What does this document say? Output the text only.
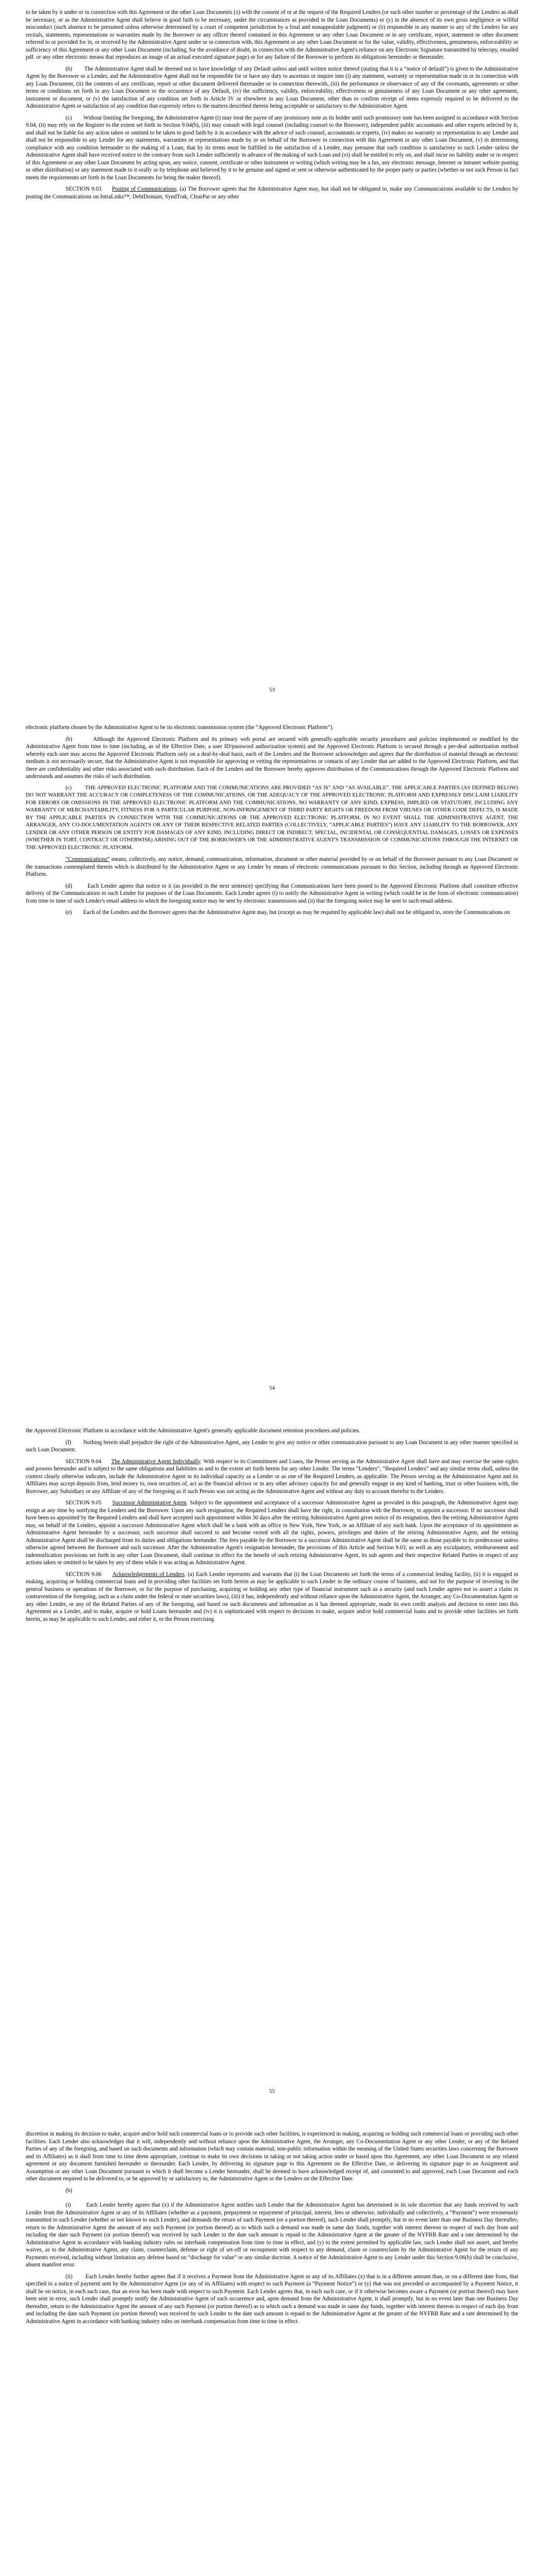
to be taken by it under or in connection with this Agreement or the other Loan Documents (x) with the consent of or at the request of the Required Lenders (or such other number or percentage of the Lenders as shall be necessary, or as the Administrative Agent shall believe in good faith to be necessary, under the circumstances as provided in the Loan Documents) or (y) in the absence of its own gross negligence or willful misconduct (such absence to be presumed unless otherwise determined by a court of competent jurisdiction by a final and nonappealable judgment) or (ii) responsible in any manner to any of the Lenders for any recitals, statements, representations or warranties made by the Borrower or any officer thereof contained in this Agreement or any other Loan Document or in any certificate, report, statement or other document referred to or provided for in, or received by the Administrative Agent under or in connection with, this Agreement or any other Loan Document or for the value, validity, effectiveness, genuineness, enforceability or sufficiency of this Agreement or any other Loan Document (including, for the avoidance of doubt, in connection with the Administrative Agent's reliance on any Electronic Signature transmitted by telecopy, emailed pdf. or any other electronic means that reproduces an image of an actual executed signature page) or for any failure of the Borrower to perform its obligations hereunder or thereunder.

(b)        The Administrative Agent shall be deemed not to have knowledge of any Default unless and until written notice thereof (stating that it is a “notice of default”) is given to the Administrative Agent by the Borrower or a Lender, and the Administrative Agent shall not be responsible for or have any duty to ascertain or inquire into (i) any statement, warranty or representation made in or in connection with any Loan Document, (ii) the contents of any certificate, report or other document delivered thereunder or in connection therewith, (iii) the performance or observance of any of the covenants, agreements or other terms or conditions set forth in any Loan Document or the occurrence of any Default, (iv) the sufficiency, validity, enforceability, effectiveness or genuineness of any Loan Document or any other agreement, instrument or document, or (v) the satisfaction of any condition set forth in Article IV or elsewhere in any Loan Document, other than to confirm receipt of items expressly required to be delivered to the Administrative Agent or satisfaction of any condition that expressly refers to the matters described therein being acceptable or satisfactory to the Administrative Agent.

(c)        Without limiting the foregoing, the Administrative Agent (i) may treat the payee of any promissory note as its holder until such promissory note has been assigned in accordance with Section 9.04, (ii) may rely on the Register to the extent set forth in Section 9.04(b), (iii) may consult with legal counsel (including counsel to the Borrower), independent public accountants and other experts selected by it, and shall not be liable for any action taken or omitted to be taken in good faith by it in accordance with the advice of such counsel, accountants or experts, (iv) makes no warranty or representation to any Lender and shall not be responsible to any Lender for any statements, warranties or representations made by or on behalf of the Borrower in connection with this Agreement or any other Loan Document, (v) in determining compliance with any condition hereunder to the making of a Loan, that by its terms must be fulfilled to the satisfaction of a Lender, may presume that such condition is satisfactory to such Lender unless the Administrative Agent shall have received notice to the contrary from such Lender sufficiently in advance of the making of such Loan and (vi) shall be entitled to rely on, and shall incur no liability under or in respect of this Agreement or any other Loan Document by acting upon, any notice, consent, certificate or other instrument or writing (which writing may be a fax, any electronic message, Internet or intranet website posting or other distribution) or any statement made to it orally or by telephone and believed by it to be genuine and signed or sent or otherwise authenticated by the proper party or parties (whether or not such Person in fact meets the requirements set forth in the Loan Documents for being the maker thereof).

SECTION 9.03 Posting of Communications. (a) The Borrower agrees that the Administrative Agent may, but shall not be obligated to, make any Communications available to the Lenders by posting the Communications on IntraLinks™, DebtDomain, SyndTrak, ClearPar or any other

53

electronic platform chosen by the Administrative Agent to be its electronic transmission system (the “Approved Electronic Platform”).

(b)        Although the Approved Electronic Platform and its primary web portal are secured with generally-applicable security procedures and policies implemented or modified by the Administrative Agent from time to time (including, as of the Effective Date, a user ID/password authorization system) and the Approved Electronic Platform is secured through a per-deal authorization method whereby each user may access the Approved Electronic Platform only on a deal-by-deal basis, each of the Lenders and the Borrower acknowledges and agrees that the distribution of material through an electronic medium is not necessarily secure, that the Administrative Agent is not responsible for approving or vetting the representatives or contacts of any Lender that are added to the Approved Electronic Platform, and that there are confidentiality and other risks associated with such distribution. Each of the Lenders and the Borrower hereby approves distribution of the Communications through the Approved Electronic Platform and understands and assumes the risks of such distribution.

(c)        THE APPROVED ELECTRONIC PLATFORM AND THE COMMUNICATIONS ARE PROVIDED “AS IS” AND “AS AVAILABLE”. THE APPLICABLE PARTIES (AS DEFINED BELOW) DO NOT WARRANT THE ACCURACY OR COMPLETENESS OF THE COMMUNICATIONS, OR THE ADEQUACY OF THE APPROVED ELECTRONIC PLATFORM AND EXPRESSLY DISCLAIM LIABILITY FOR ERRORS OR OMISSIONS IN THE APPROVED ELECTRONIC PLATFORM AND THE COMMUNICATIONS. NO WARRANTY OF ANY KIND, EXPRESS, IMPLIED OR STATUTORY, INCLUDING ANY WARRANTY OF MERCHANTABILITY, FITNESS FOR A PARTICULAR PURPOSE, NON-INFRINGEMENT OF THIRD PARTY RIGHTS OR FREEDOM FROM VIRUSES OR OTHER CODE DEFECTS, IS MADE BY THE APPLICABLE PARTIES IN CONNECTION WITH THE COMMUNICATIONS OR THE APPROVED ELECTRONIC PLATFORM. IN NO EVENT SHALL THE ADMINISTRATIVE AGENT, THE ARRANGER, ANY CO-DOCUMENTATION AGENTS OR ANY OF THEIR RESPECTIVE RELATED PARTIES (COLLECTIVELY, “APPLICABLE PARTIES”) HAVE ANY LIABILITY TO THE BORROWER, ANY LENDER OR ANY OTHER PERSON OR ENTITY FOR DAMAGES OF ANY KIND, INCLUDING DIRECT OR INDIRECT, SPECIAL, INCIDENTAL OR CONSEQUENTIAL DAMAGES, LOSSES OR EXPENSES (WHETHER IN TORT, CONTRACT OR OTHERWISE) ARISING OUT OF THE BORROWER'S OR THE ADMINISTRATIVE AGENT'S TRANSMISSION OF COMMUNICATIONS THROUGH THE INTERNET OR THE APPROVED ELECTRONIC PLATFORM.

“Communications” means, collectively, any notice, demand, communication, information, document or other material provided by or on behalf of the Borrower pursuant to any Loan Document or the transactions contemplated therein which is distributed by the Administrative Agent or any Lender by means of electronic communications pursuant to this Section, including through an Approved Electronic Platform.

(d)        Each Lender agrees that notice to it (as provided in the next sentence) specifying that Communications have been posted to the Approved Electronic Platform shall constitute effective delivery of the Communications to such Lender for purposes of the Loan Documents. Each Lender agrees (i) to notify the Administrative Agent in writing (which could be in the form of electronic communication) from time to time of such Lender's email address to which the foregoing notice may be sent by electronic transmission and (ii) that the foregoing notice may be sent to such email address.

(e)        Each of the Lenders and the Borrower agrees that the Administrative Agent may, but (except as may be required by applicable law) shall not be obligated to, store the Communications on

54

the Approved Electronic Platform in accordance with the Administrative Agent's generally applicable document retention procedures and policies.

(f)        Nothing herein shall prejudice the right of the Administrative Agent, any Lender to give any notice or other communication pursuant to any Loan Document in any other manner specified in such Loan Document.

SECTION 9.04 The Administrative Agent Individually. With respect to its Commitment and Loans, the Person serving as the Administrative Agent shall have and may exercise the same rights and powers hereunder and is subject to the same obligations and liabilities as and to the extent set forth herein for any other Lender. The terms “Lenders”, “Required Lenders” and any similar terms shall, unless the context clearly otherwise indicates, include the Administrative Agent in its individual capacity as a Lender or as one of the Required Lenders, as applicable. The Person serving as the Administrative Agent and its Affiliates may accept deposits from, lend money to, own securities of, act as the financial advisor or in any other advisory capacity for and generally engage in any kind of banking, trust or other business with, the Borrower, any Subsidiary or any Affiliate of any of the foregoing as if such Person was not acting as the Administrative Agent and without any duty to account therefor to the Lenders.

SECTION 9.05 Successor Administrative Agent. Subject to the appointment and acceptance of a successor Administrative Agent as provided in this paragraph, the Administrative Agent may resign at any time by notifying the Lenders and the Borrower. Upon any such resignation, the Required Lenders shall have the right, in consultation with the Borrower, to appoint a successor. If no successor shall have been so appointed by the Required Lenders and shall have accepted such appointment within 30 days after the retiring Administrative Agent gives notice of its resignation, then the retiring Administrative Agent may, on behalf of the Lenders, appoint a successor Administrative Agent which shall be a bank with an office in New York, New York, or an Affiliate of any such bank. Upon the acceptance of its appointment as Administrative Agent hereunder by a successor, such successor shall succeed to and become vested with all the rights, powers, privileges and duties of the retiring Administrative Agent, and the retiring Administrative Agent shall be discharged from its duties and obligations hereunder. The fees payable by the Borrower to a successor Administrative Agent shall be the same as those payable to its predecessor unless otherwise agreed between the Borrower and such successor. After the Administrative Agent's resignation hereunder, the provisions of this Article and Section 9.03, as well as any exculpatory, reimbursement and indemnification provisions set forth in any other Loan Document, shall continue in effect for the benefit of such retiring Administrative Agent, its sub agents and their respective Related Parties in respect of any actions taken or omitted to be taken by any of them while it was acting as Administrative Agent.

SECTION 9.06 Acknowledgements of Lenders. (a) Each Lender represents and warrants that (i) the Loan Documents set forth the terms of a commercial lending facility, (ii) it is engaged in making, acquiring or holding commercial loans and in providing other facilities set forth herein as may be applicable to such Lender in the ordinary course of business, and not for the purpose of investing in the general business or operations of the Borrower, or for the purpose of purchasing, acquiring or holding any other type of financial instrument such as a security (and each Lender agrees not to assert a claim in contravention of the foregoing, such as a claim under the federal or state securities laws), (iii) it has, independently and without reliance upon the Administrative Agent, the Arranger, any Co-Documentation Agent or any other Lender, or any of the Related Parties of any of the foregoing, and based on such documents and information as it has deemed appropriate, made its own credit analysis and decision to enter into this Agreement as a Lender, and to make, acquire or hold Loans hereunder and (iv) it is sophisticated with respect to decisions to make, acquire and/or hold commercial loans and to provide other facilities set forth herein, as may be applicable to such Lender, and either it, or the Person exercising

55

discretion in making its decision to make, acquire and/or hold such commercial loans or to provide such other facilities, is experienced in making, acquiring or holding such commercial loans or providing such other facilities. Each Lender also acknowledges that it will, independently and without reliance upon the Administrative Agent, the Arranger, any Co-Documentation Agent or any other Lender, or any of the Related Parties of any of the foregoing, and based on such documents and information (which may contain material, non-public information within the meaning of the United States securities laws concerning the Borrower and its Affiliates) as it shall from time to time deem appropriate, continue to make its own decisions in taking or not taking action under or based upon this Agreement, any other Loan Document or any related agreement or any document furnished hereunder or thereunder. Each Lender, by delivering its signature page to this Agreement on the Effective Date, or delivering its signature page to an Assignment and Assumption or any other Loan Document pursuant to which it shall become a Lender hereunder, shall be deemed to have acknowledged receipt of, and consented to and approved, each Loan Document and each other document required to be delivered to, or be approved by or satisfactory to, the Administrative Agent or the Lenders on the Effective Date.

(b)

(i)        Each Lender hereby agrees that (x) if the Administrative Agent notifies such Lender that the Administrative Agent has determined in its sole discretion that any funds received by such Lender from the Administrative Agent or any of its Affiliates (whether as a payment, prepayment or repayment of principal, interest, fees or otherwise; individually and collectively, a “Payment”) were erroneously transmitted to such Lender (whether or not known to such Lender), and demands the return of such Payment (or a portion thereof), such Lender shall promptly, but in no event later than one Business Day thereafter, return to the Administrative Agent the amount of any such Payment (or portion thereof) as to which such a demand was made in same day funds, together with interest thereon in respect of each day from and including the date such Payment (or portion thereof) was received by such Lender to the date such amount is repaid to the Administrative Agent at the greater of the NYFRB Rate and a rate determined by the Administrative Agent in accordance with banking industry rules on interbank compensation from time to time in effect, and (y) to the extent permitted by applicable law, such Lender shall not assert, and hereby waives, as to the Administrative Agent, any claim, counterclaim, defense or right of set-off or recoupment with respect to any demand, claim or counterclaim by the Administrative Agent for the return of any Payments received, including without limitation any defense based on “discharge for value” or any similar doctrine. A notice of the Administrative Agent to any Lender under this Section 9.06(b) shall be conclusive, absent manifest error.

(ii)        Each Lender hereby further agrees that if it receives a Payment from the Administrative Agent or any of its Affiliates (x) that is in a different amount than, or on a different date from, that specified in a notice of payment sent by the Administrative Agent (or any of its Affiliates) with respect to such Payment (a “Payment Notice”) or (y) that was not preceded or accompanied by a Payment Notice, it shall be on notice, in each such case, that an error has been made with respect to such Payment. Each Lender agrees that, in each such case, or if it otherwise becomes aware a Payment (or portion thereof) may have been sent in error, such Lender shall promptly notify the Administrative Agent of such occurrence and, upon demand from the Administrative Agent, it shall promptly, but in no event later than one Business Day thereafter, return to the Administrative Agent the amount of any such Payment (or portion thereof) as to which such a demand was made in same day funds, together with interest thereon in respect of each day from and including the date such Payment (or portion thereof) was received by such Lender to the date such amount is repaid to the Administrative Agent at the greater of the NYFRB Rate and a rate determined by the Administrative Agent in accordance with banking industry rules on interbank compensation from time to time in effect.
